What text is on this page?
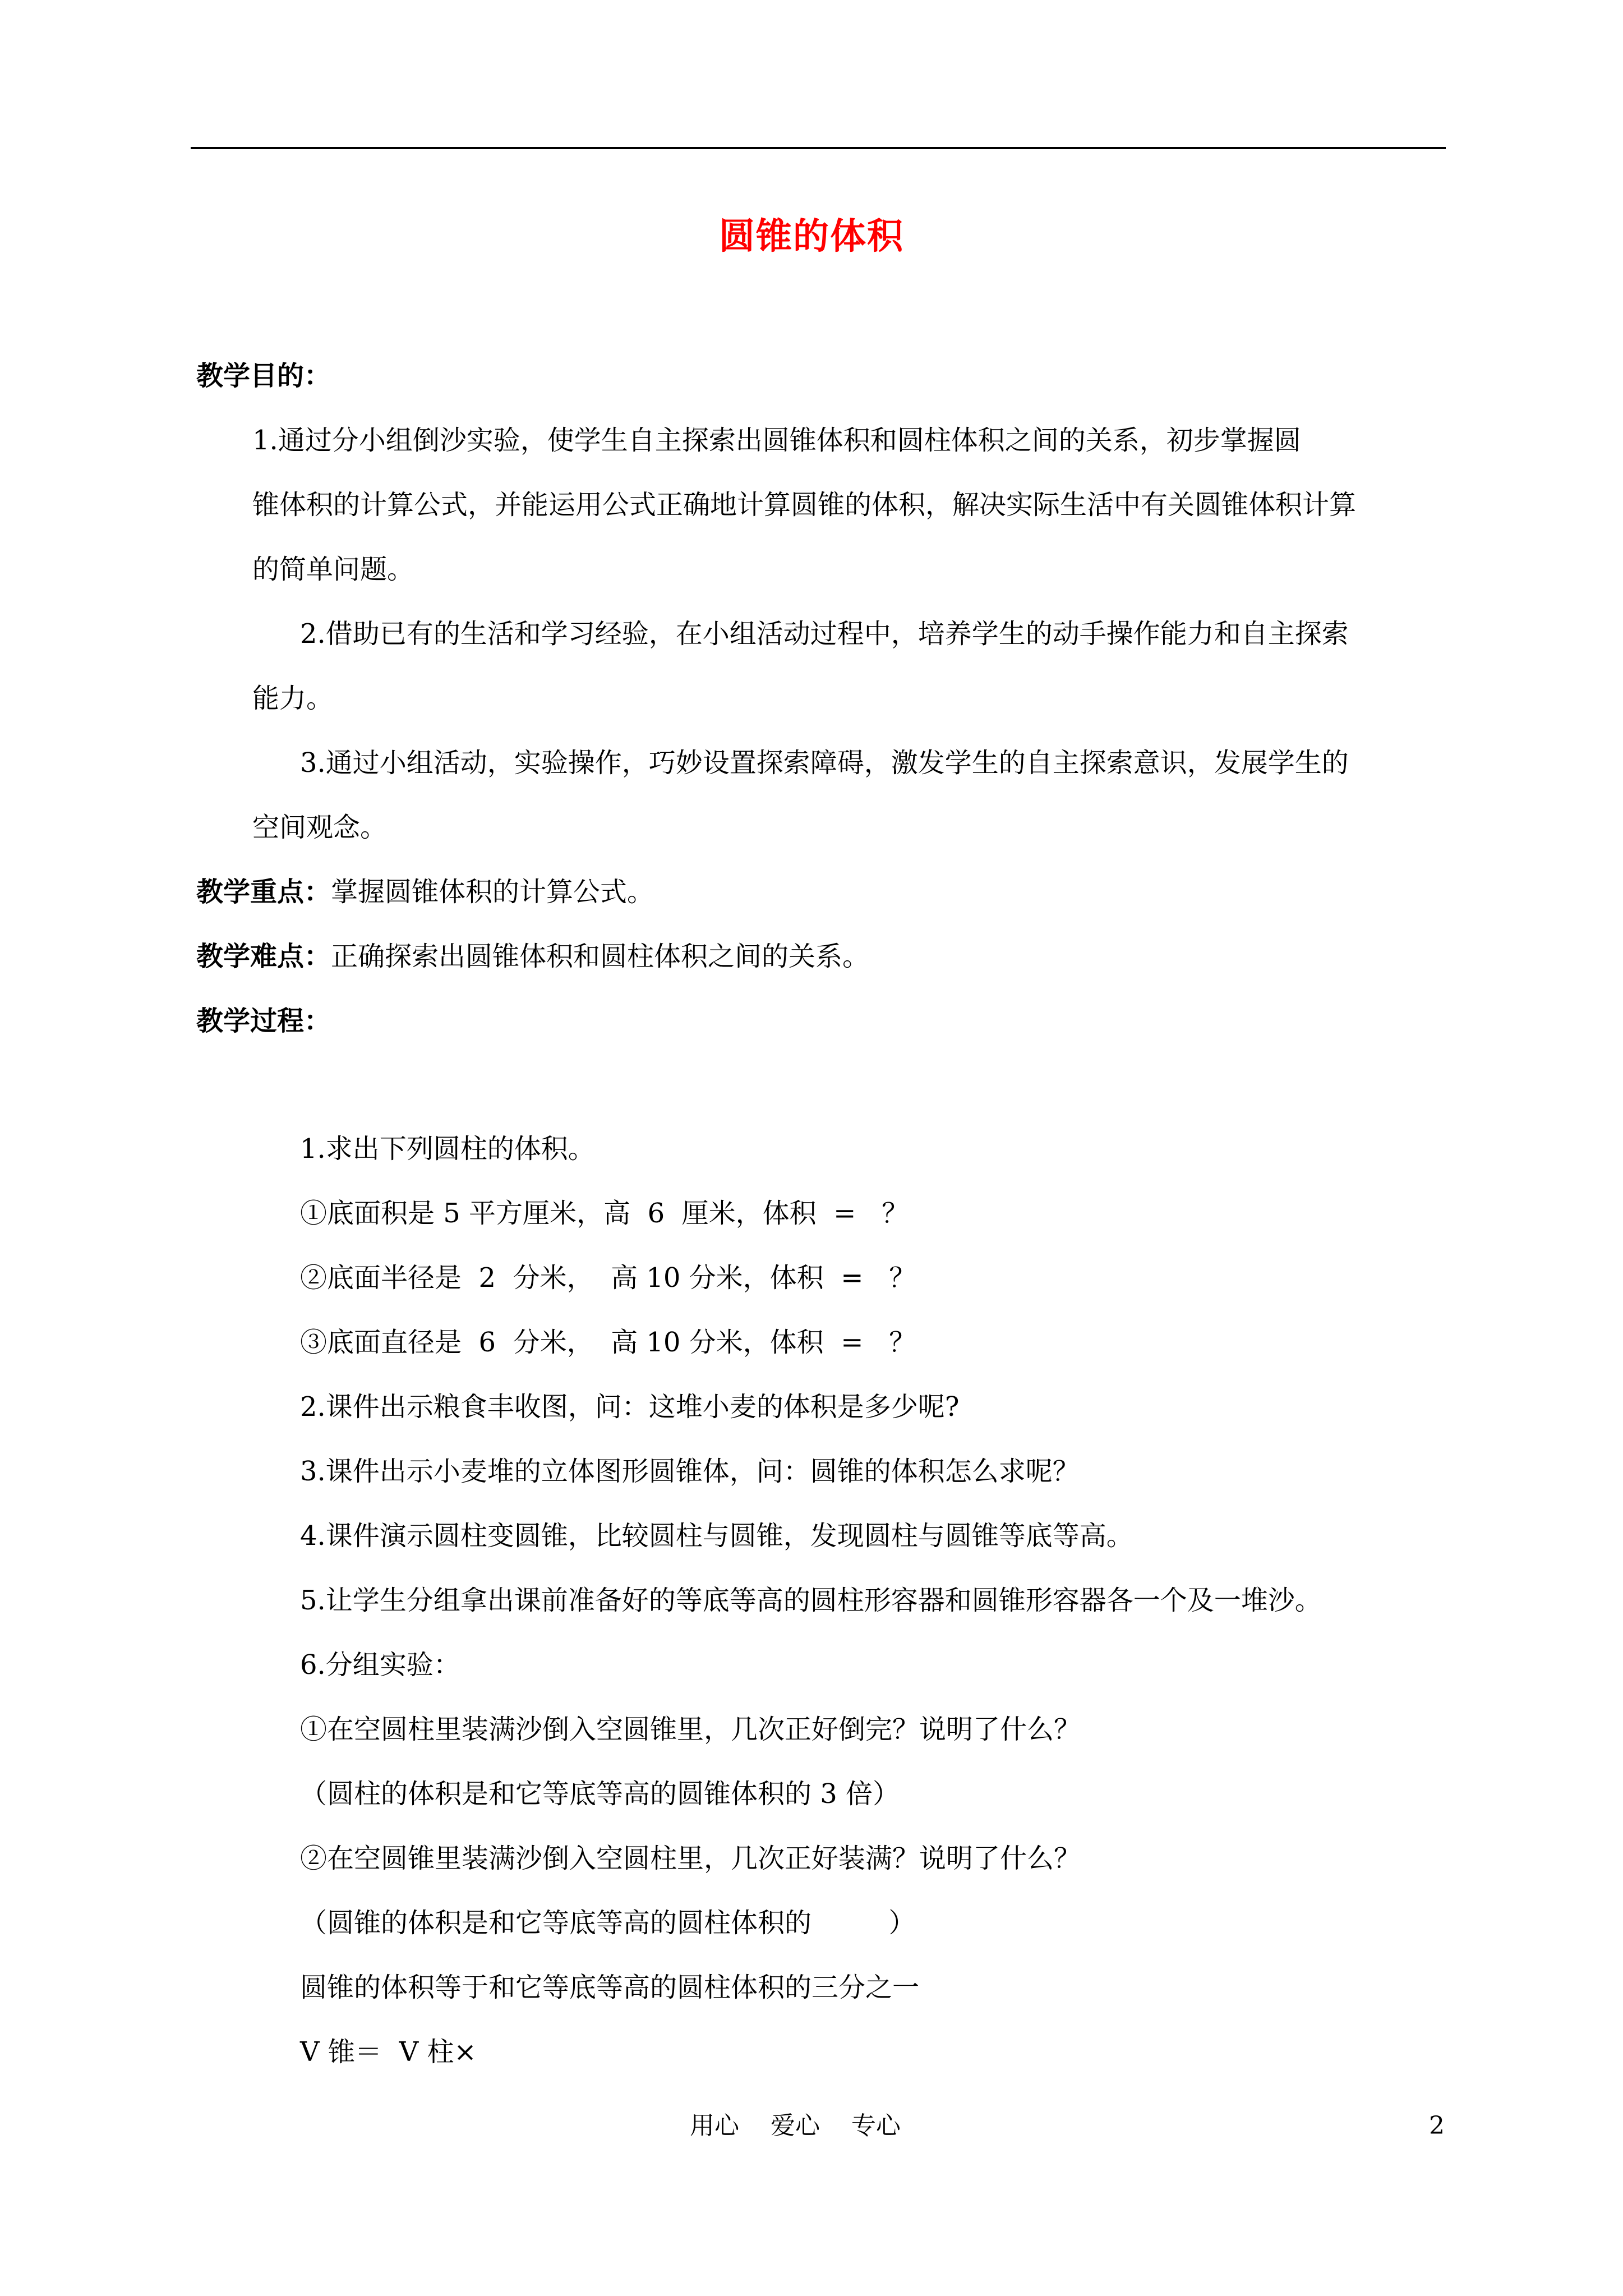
圆锥的体积
教学目的：
1.通过分小组倒沙实验，使学生自主探索出圆锥体积和圆柱体积之间的关系，初步掌握圆
锥体积的计算公式，并能运用公式正确地计算圆锥的体积，解决实际生活中有关圆锥体积计算
的简单问题。
2.借助已有的生活和学习经验，在小组活动过程中，培养学生的动手操作能力和自主探索
能力。
3.通过小组活动，实验操作，巧妙设置探索障碍，激发学生的自主探索意识，发展学生的
空间观念。
教学重点：掌握圆锥体积的计算公式。
教学难点：正确探索出圆锥体积和圆柱体积之间的关系。
教学过程：
1.求出下列圆柱的体积。
①底面积是 5 平方厘米，高  6  厘米，体积  =   ？
②底面半径是  2  分米，  高 10 分米，体积  =   ？
③底面直径是  6  分米，  高 10 分米，体积  =   ？
2.课件出示粮食丰收图，问：这堆小麦的体积是多少呢?
3.课件出示小麦堆的立体图形圆锥体，问：圆锥的体积怎么求呢？
4.课件演示圆柱变圆锥，比较圆柱与圆锥，发现圆柱与圆锥等底等高。
5.让学生分组拿出课前准备好的等底等高的圆柱形容器和圆锥形容器各一个及一堆沙。
6.分组实验：
①在空圆柱里装满沙倒入空圆锥里，几次正好倒完？说明了什么？
（圆柱的体积是和它等底等高的圆锥体积的 3 倍）
②在空圆锥里装满沙倒入空圆柱里，几次正好装满？说明了什么？
（圆锥的体积是和它等底等高的圆柱体积的         ）
圆锥的体积等于和它等底等高的圆柱体积的三分之一
V 锥＝  V 柱×
用心    爱心    专心	2
